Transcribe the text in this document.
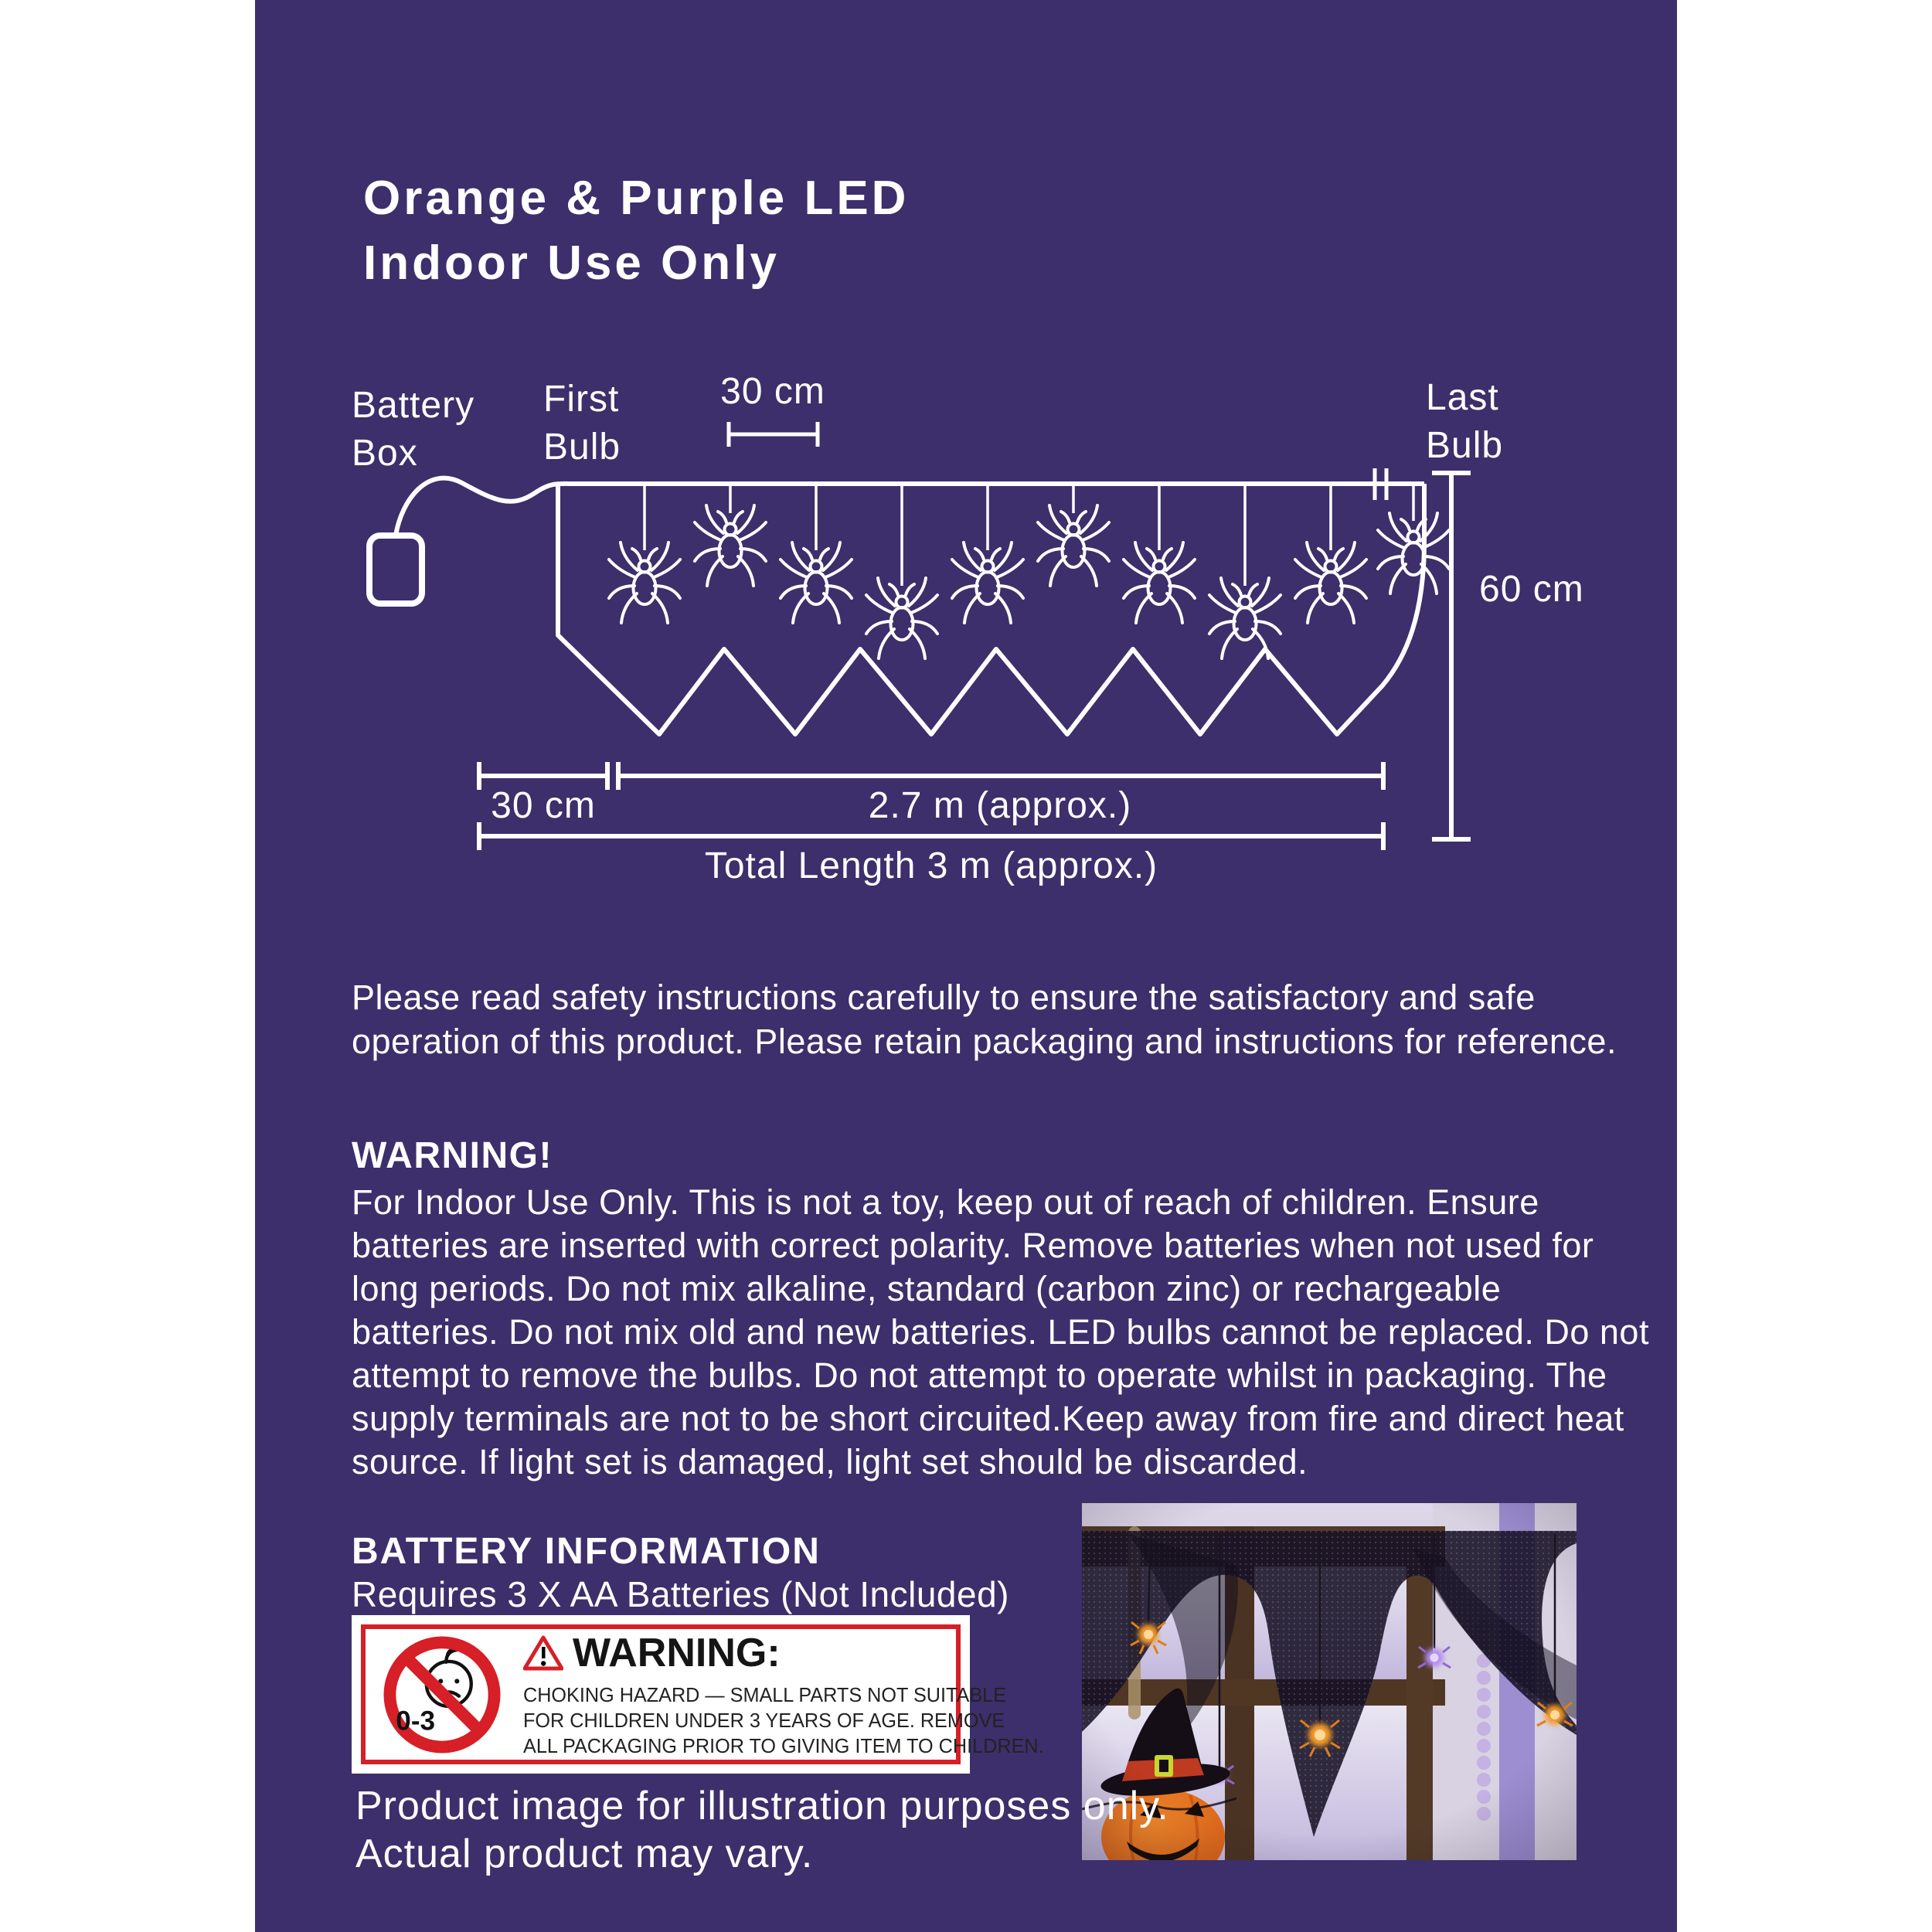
Orange & Purple LED
Indoor Use Only
Battery
Box
First
Bulb
30 cm	Last
Bulb
60 cm
30 cm	2.7 m (approx.)
Total Length 3 m (approx.)
Please read safety instructions carefully to ensure the satisfactory and safe operation of this product. Please retain packaging and instructions for reference.
WARNING!
For Indoor Use Only. This is not a toy, keep out of reach of children. Ensure batteries are inserted with correct polarity. Remove batteries when not used for long periods. Do not mix alkaline, standard (carbon zinc) or rechargeable batteries. Do not mix old and new batteries. LED bulbs cannot be replaced. Do not attempt to remove the bulbs. Do not attempt to operate whilst in packaging. The supply terminals are not to be short circuited.Keep away from fire and direct heat source. If light set is damaged, light set should be discarded.
BATTERY INFORMATION
Requires 3 X AA Batteries (Not Included)
0-3
WARNING:
CHOKING HAZARD — SMALL PARTS NOT SUITABLE
FOR CHILDREN UNDER 3 YEARS OF AGE. REMOVE
ALL PACKAGING PRIOR TO GIVING ITEM TO CHILDREN.
Product image for illustration purposes only.
Actual product may vary.
